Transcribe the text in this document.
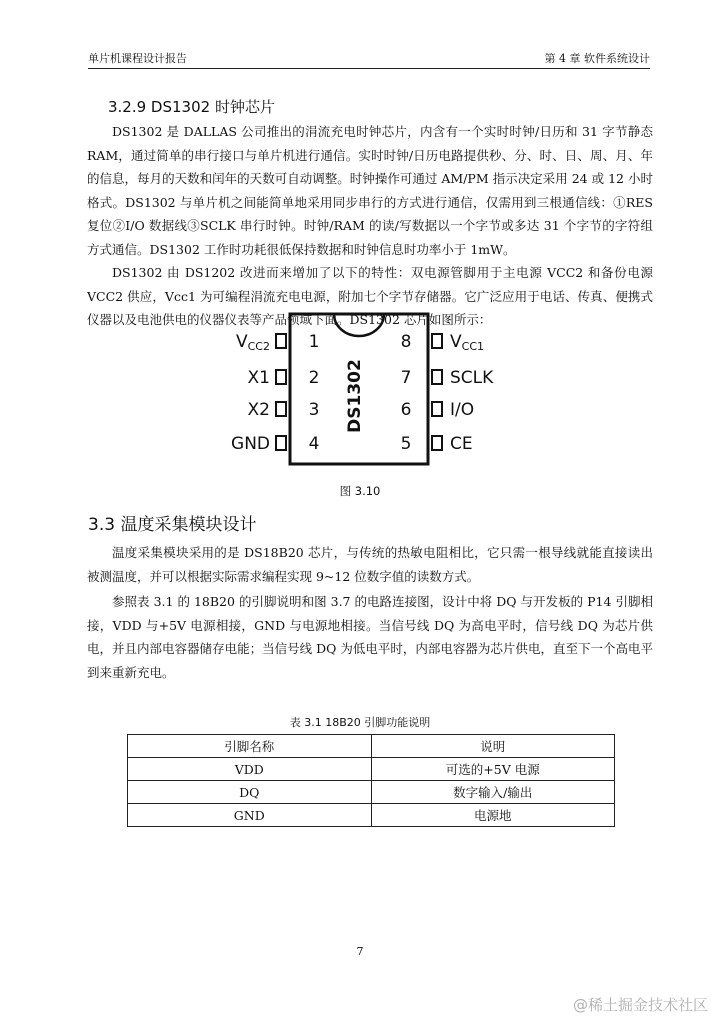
单片机课程设计报告	第 4 章 软件系统设计
3.2.9 DS1302 时钟芯片

DS1302 是 DALLAS 公司推出的涓流充电时钟芯片，内含有一个实时时钟/日历和 31 字节静态 RAM，通过简单的串行接口与单片机进行通信。实时时钟/日历电路提供秒、分、时、日、周、月、年的信息，每月的天数和闰年的天数可自动调整。时钟操作可通过 AM/PM 指示决定采用 24 或 12 小时格式。DS1302 与单片机之间能简单地采用同步串行的方式进行通信，仅需用到三根通信线：①RES 复位②I/O 数据线③SCLK 串行时钟。时钟/RAM 的读/写数据以一个字节或多达 31 个字节的字符组方式通信。DS1302 工作时功耗很低保持数据和时钟信息时功率小于 1mW。

DS1302 由 DS1202 改进而来增加了以下的特性：双电源管脚用于主电源 VCC2 和备份电源 VCC2 供应，Vcc1 为可编程涓流充电电源，附加七个字节存储器。它广泛应用于电话、传真、便携式仪器以及电池供电的仪器仪表等产品领域下面。DS1302 芯片如图所示：

VCC2
X1
X2
GND
1
2
3
4
8
7
6
5
VCC1
SCLK
I/O
CE
DS1302
图 3.10
3.3 温度采集模块设计

温度采集模块采用的是 DS18B20 芯片，与传统的热敏电阻相比，它只需一根导线就能直接读出被测温度，并可以根据实际需求编程实现 9~12 位数字值的读数方式。

参照表 3.1 的 18B20 的引脚说明和图 3.7 的电路连接图，设计中将 DQ 与开发板的 P14 引脚相接，VDD 与+5V 电源相接，GND 与电源地相接。当信号线 DQ 为高电平时，信号线 DQ 为芯片供电，并且内部电容器储存电能；当信号线 DQ 为低电平时，内部电容器为芯片供电，直至下一个高电平到来重新充电。

表 3.1 18B20 引脚功能说明
引脚名称	说明
VDD	可选的+5V 电源
DQ	数字输入/输出
GND	电源地
7
@稀土掘金技术社区
